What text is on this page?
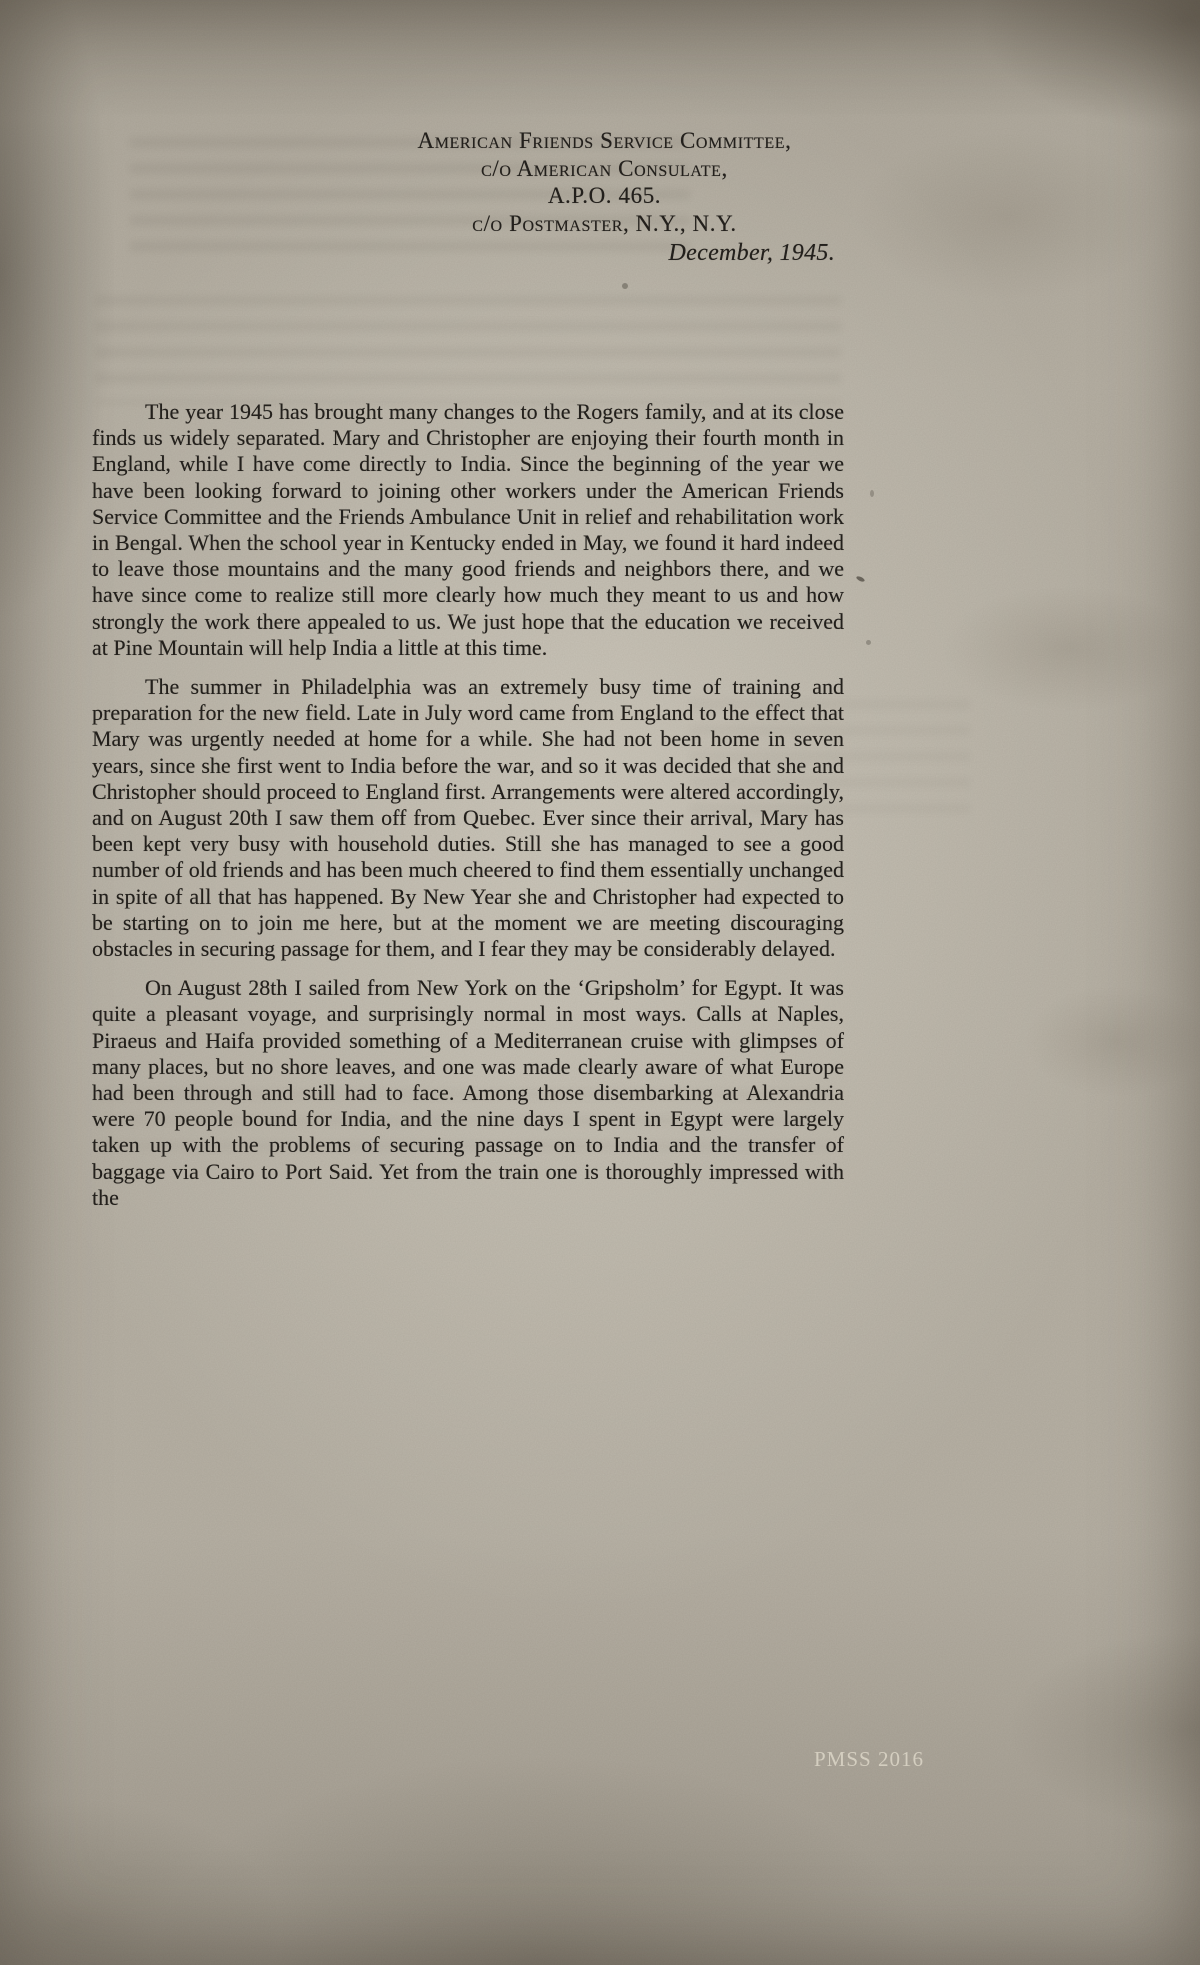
American Friends Service Committee,
c/o American Consulate,
A.P.O. 465.
c/o Postmaster, N.Y., N.Y.
December, 1945.

The year 1945 has brought many changes to the Rogers family, and at its close finds us widely separated. Mary and Christopher are enjoying their fourth month in England, while I have come directly to India. Since the beginning of the year we have been looking forward to joining other workers under the American Friends Service Committee and the Friends Ambulance Unit in relief and rehabilitation work in Bengal. When the school year in Kentucky ended in May, we found it hard indeed to leave those mountains and the many good friends and neighbors there, and we have since come to realize still more clearly how much they meant to us and how strongly the work there appealed to us. We just hope that the education we received at Pine Mountain will help India a little at this time.

The summer in Philadelphia was an extremely busy time of training and preparation for the new field. Late in July word came from England to the effect that Mary was urgently needed at home for a while. She had not been home in seven years, since she first went to India before the war, and so it was decided that she and Christopher should proceed to England first. Arrangements were altered accordingly, and on August 20th I saw them off from Quebec. Ever since their arrival, Mary has been kept very busy with household duties. Still she has managed to see a good number of old friends and has been much cheered to find them essentially unchanged in spite of all that has happened. By New Year she and Christopher had expected to be starting on to join me here, but at the moment we are meeting discouraging obstacles in securing passage for them, and I fear they may be considerably delayed.

On August 28th I sailed from New York on the ‘Gripsholm’ for Egypt. It was quite a pleasant voyage, and surprisingly normal in most ways. Calls at Naples, Piraeus and Haifa provided something of a Mediterranean cruise with glimpses of many places, but no shore leaves, and one was made clearly aware of what Europe had been through and still had to face. Among those disembarking at Alexandria were 70 people bound for India, and the nine days I spent in Egypt were largely taken up with the problems of securing passage on to India and the transfer of baggage via Cairo to Port Said. Yet from the train one is thoroughly impressed with the

PMSS 2016
